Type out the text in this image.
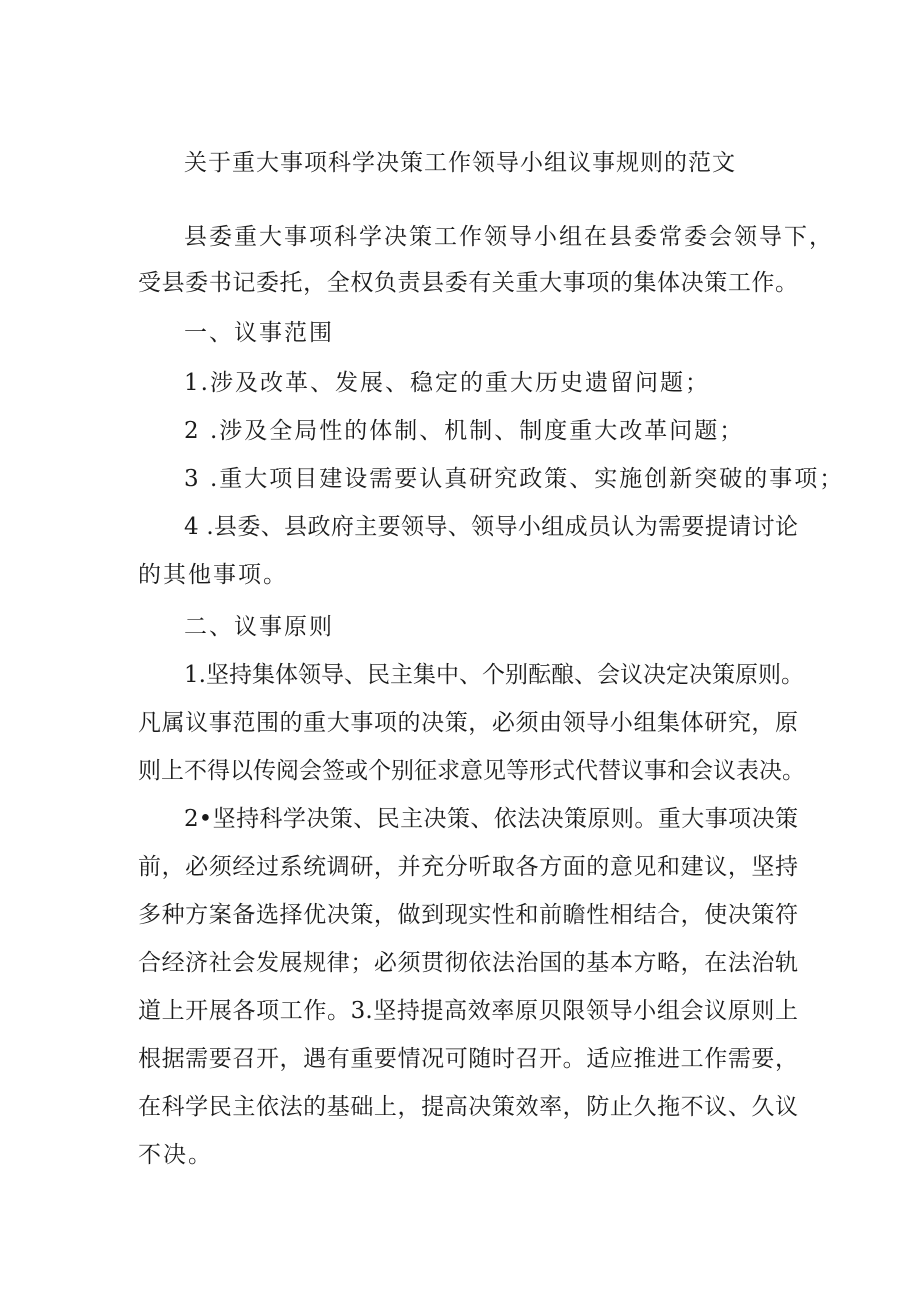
关于重大事项科学决策工作领导小组议事规则的范文
县委重大事项科学决策工作领导小组在县委常委会领导下，
受县委书记委托，全权负责县委有关重大事项的集体决策工作。
一、议事范围
1.涉及改革、发展、稳定的重大历史遗留问题；
2 .涉及全局性的体制、机制、制度重大改革问题；
3 .重大项目建设需要认真研究政策、实施创新突破的事项；
4 .县委、县政府主要领导、领导小组成员认为需要提请讨论
的其他事项。
二、议事原则
1.坚持集体领导、民主集中、个别酝酿、会议决定决策原则。
凡属议事范围的重大事项的决策，必须由领导小组集体研究，原
则上不得以传阅会签或个别征求意见等形式代替议事和会议表决。
2•坚持科学决策、民主决策、依法决策原则。重大事项决策
前，必须经过系统调研，并充分听取各方面的意见和建议，坚持
多种方案备选择优决策，做到现实性和前瞻性相结合，使决策符
合经济社会发展规律；必须贯彻依法治国的基本方略，在法治轨
道上开展各项工作。3.坚持提高效率原贝限领导小组会议原则上
根据需要召开，遇有重要情况可随时召开。适应推进工作需要，
在科学民主依法的基础上，提高决策效率，防止久拖不议、久议
不决。
